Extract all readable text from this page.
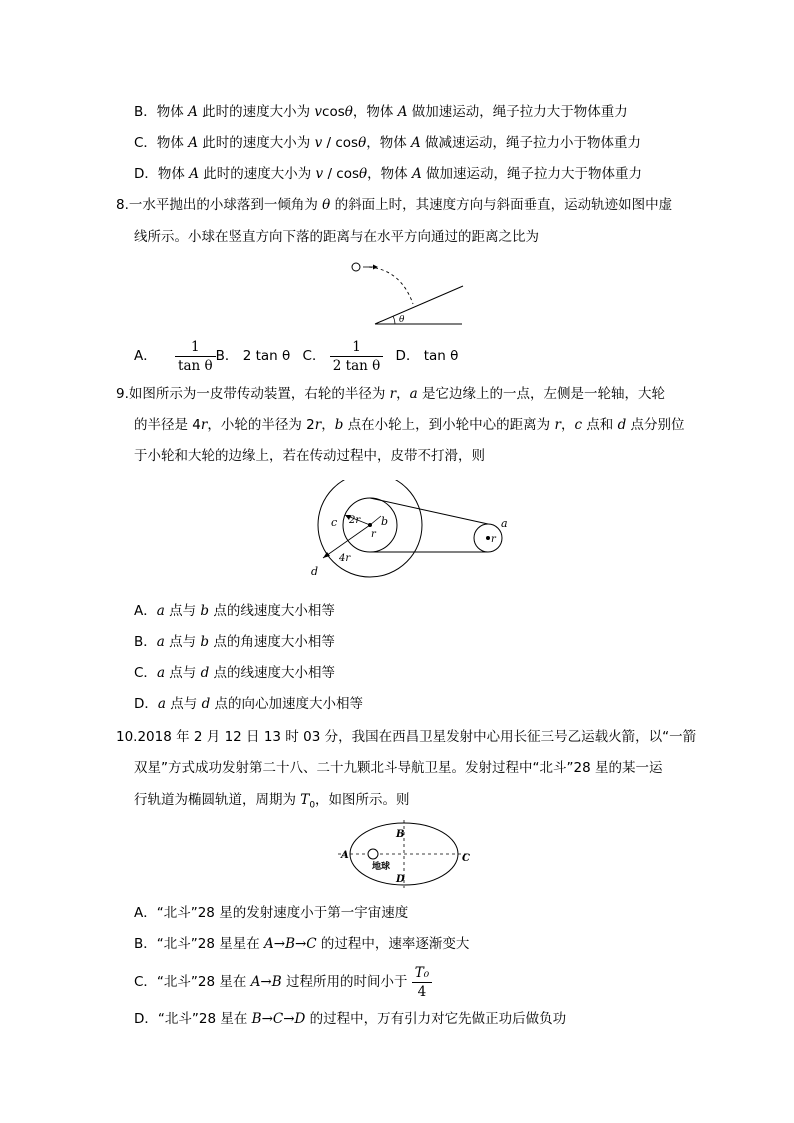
B．物体 A 此时的速度大小为 vcosθ，物体 A 做加速运动，绳子拉力大于物体重力
C．物体 A 此时的速度大小为 v / cosθ，物体 A 做减速运动，绳子拉力小于物体重力
D．物体 A 此时的速度大小为 v / cosθ，物体 A 做加速运动，绳子拉力大于物体重力
8.一水平抛出的小球落到一倾角为 θ 的斜面上时，其速度方向与斜面垂直，运动轨迹如图中虚
线所示。小球在竖直方向下落的距离与在水平方向通过的距离之比为
θ
A． $\frac{1}{\text{tan θ}}$ B． 2 tan θ C． $\frac{1}{\text{2 tan θ}}$ D． tan θ
9.如图所示为一皮带传动装置，右轮的半径为 r，a 是它边缘上的一点，左侧是一轮轴，大轮
的半径是 4r，小轮的半径为 2r，b 点在小轮上，到小轮中心的距离为 r，c 点和 d 点分别位
于小轮和大轮的边缘上，若在传动过程中，皮带不打滑，则
c 2r b
r
4r
d
a
r
A．a 点与 b 点的线速度大小相等
B．a 点与 b 点的角速度大小相等
C．a 点与 d 点的线速度大小相等
D．a 点与 d 点的向心加速度大小相等
10.2018 年 2 月 12 日 13 时 03 分，我国在西昌卫星发射中心用长征三号乙运载火箭，以“一箭
双星”方式成功发射第二十八、二十九颗北斗导航卫星。发射过程中“北斗”28 星的某一运
行轨道为椭圆轨道，周期为 $T_0$，如图所示。则
A
B
C
D
地球
A．“北斗”28 星的发射速度小于第一宇宙速度
B．“北斗”28 星星在 A→B→C 的过程中，速率逐渐变大
C．“北斗”28 星在 A→B 过程所用的时间小于 $\frac{\text{T₀}}{4}$
D．“北斗”28 星在 B→C→D 的过程中，万有引力对它先做正功后做负功
